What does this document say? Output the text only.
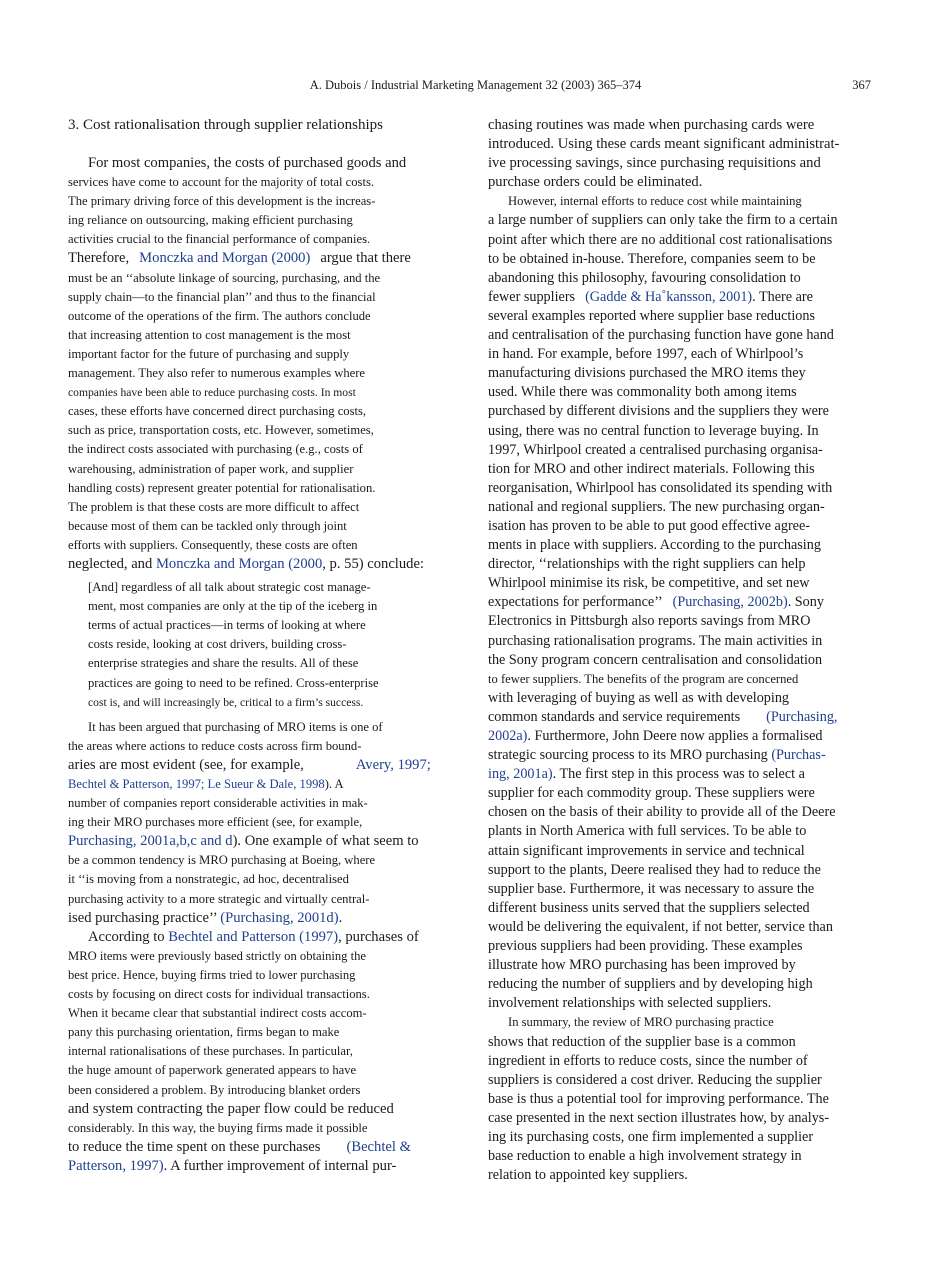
A. Dubois / Industrial Marketing Management 32 (2003) 365–374	367
3. Cost rationalisation through supplier relationships
For most companies, the costs of purchased goods and
services have come to account for the majority of total costs.
The primary driving force of this development is the increas-
ing reliance on outsourcing, making efficient purchasing
activities crucial to the financial performance of companies.
Therefore, Monczka and Morgan (2000) argue that there
must be an ‘‘absolute linkage of sourcing, purchasing, and the
supply chain—to the financial plan’’ and thus to the financial
outcome of the operations of the firm. The authors conclude
that increasing attention to cost management is the most
important factor for the future of purchasing and supply
management. They also refer to numerous examples where
companies have been able to reduce purchasing costs. In most
cases, these efforts have concerned direct purchasing costs,
such as price, transportation costs, etc. However, sometimes,
the indirect costs associated with purchasing (e.g., costs of
warehousing, administration of paper work, and supplier
handling costs) represent greater potential for rationalisation.
The problem is that these costs are more difficult to affect
because most of them can be tackled only through joint
efforts with suppliers. Consequently, these costs are often
neglected, and Monczka and Morgan (2000, p. 55) conclude:
[And] regardless of all talk about strategic cost manage-
ment, most companies are only at the tip of the iceberg in
terms of actual practices—in terms of looking at where
costs reside, looking at cost drivers, building cross-
enterprise strategies and share the results. All of these
practices are going to need to be refined. Cross-enterprise
cost is, and will increasingly be, critical to a firm’s success.
It has been argued that purchasing of MRO items is one of
the areas where actions to reduce costs across firm bound-
aries are most evident (see, for example,	Avery, 1997;
Bechtel & Patterson, 1997; Le Sueur & Dale, 1998). A
number of companies report considerable activities in mak-
ing their MRO purchases more efficient (see, for example,
Purchasing, 2001a,b,c and d). One example of what seem to
be a common tendency is MRO purchasing at Boeing, where
it ‘‘is moving from a nonstrategic, ad hoc, decentralised
purchasing activity to a more strategic and virtually central-
ised purchasing practice’’ (Purchasing, 2001d).
According to Bechtel and Patterson (1997), purchases of
MRO items were previously based strictly on obtaining the
best price. Hence, buying firms tried to lower purchasing
costs by focusing on direct costs for individual transactions.
When it became clear that substantial indirect costs accom-
pany this purchasing orientation, firms began to make
internal rationalisations of these purchases. In particular,
the huge amount of paperwork generated appears to have
been considered a problem. By introducing blanket orders
and system contracting the paper flow could be reduced
considerably. In this way, the buying firms made it possible
to reduce the time spent on these purchases (Bechtel &
Patterson, 1997). A further improvement of internal pur-
chasing routines was made when purchasing cards were
introduced. Using these cards meant significant administrat-
ive processing savings, since purchasing requisitions and
purchase orders could be eliminated.
However, internal efforts to reduce cost while maintaining
a large number of suppliers can only take the firm to a certain
point after which there are no additional cost rationalisations
to be obtained in-house. Therefore, companies seem to be
abandoning this philosophy, favouring consolidation to
fewer suppliers (Gadde & Ha˚kansson, 2001). There are
several examples reported where supplier base reductions
and centralisation of the purchasing function have gone hand
in hand. For example, before 1997, each of Whirlpool’s
manufacturing divisions purchased the MRO items they
used. While there was commonality both among items
purchased by different divisions and the suppliers they were
using, there was no central function to leverage buying. In
1997, Whirlpool created a centralised purchasing organisa-
tion for MRO and other indirect materials. Following this
reorganisation, Whirlpool has consolidated its spending with
national and regional suppliers. The new purchasing organ-
isation has proven to be able to put good effective agree-
ments in place with suppliers. According to the purchasing
director, ‘‘relationships with the right suppliers can help
Whirlpool minimise its risk, be competitive, and set new
expectations for performance’’ (Purchasing, 2002b). Sony
Electronics in Pittsburgh also reports savings from MRO
purchasing rationalisation programs. The main activities in
the Sony program concern centralisation and consolidation
to fewer suppliers. The benefits of the program are concerned
with leveraging of buying as well as with developing
common standards and service requirements (Purchasing,
2002a). Furthermore, John Deere now applies a formalised
strategic sourcing process to its MRO purchasing (Purchas-
ing, 2001a). The first step in this process was to select a
supplier for each commodity group. These suppliers were
chosen on the basis of their ability to provide all of the Deere
plants in North America with full services. To be able to
attain significant improvements in service and technical
support to the plants, Deere realised they had to reduce the
supplier base. Furthermore, it was necessary to assure the
different business units served that the suppliers selected
would be delivering the equivalent, if not better, service than
previous suppliers had been providing. These examples
illustrate how MRO purchasing has been improved by
reducing the number of suppliers and by developing high
involvement relationships with selected suppliers.
In summary, the review of MRO purchasing practice
shows that reduction of the supplier base is a common
ingredient in efforts to reduce costs, since the number of
suppliers is considered a cost driver. Reducing the supplier
base is thus a potential tool for improving performance. The
case presented in the next section illustrates how, by analys-
ing its purchasing costs, one firm implemented a supplier
base reduction to enable a high involvement strategy in
relation to appointed key suppliers.
